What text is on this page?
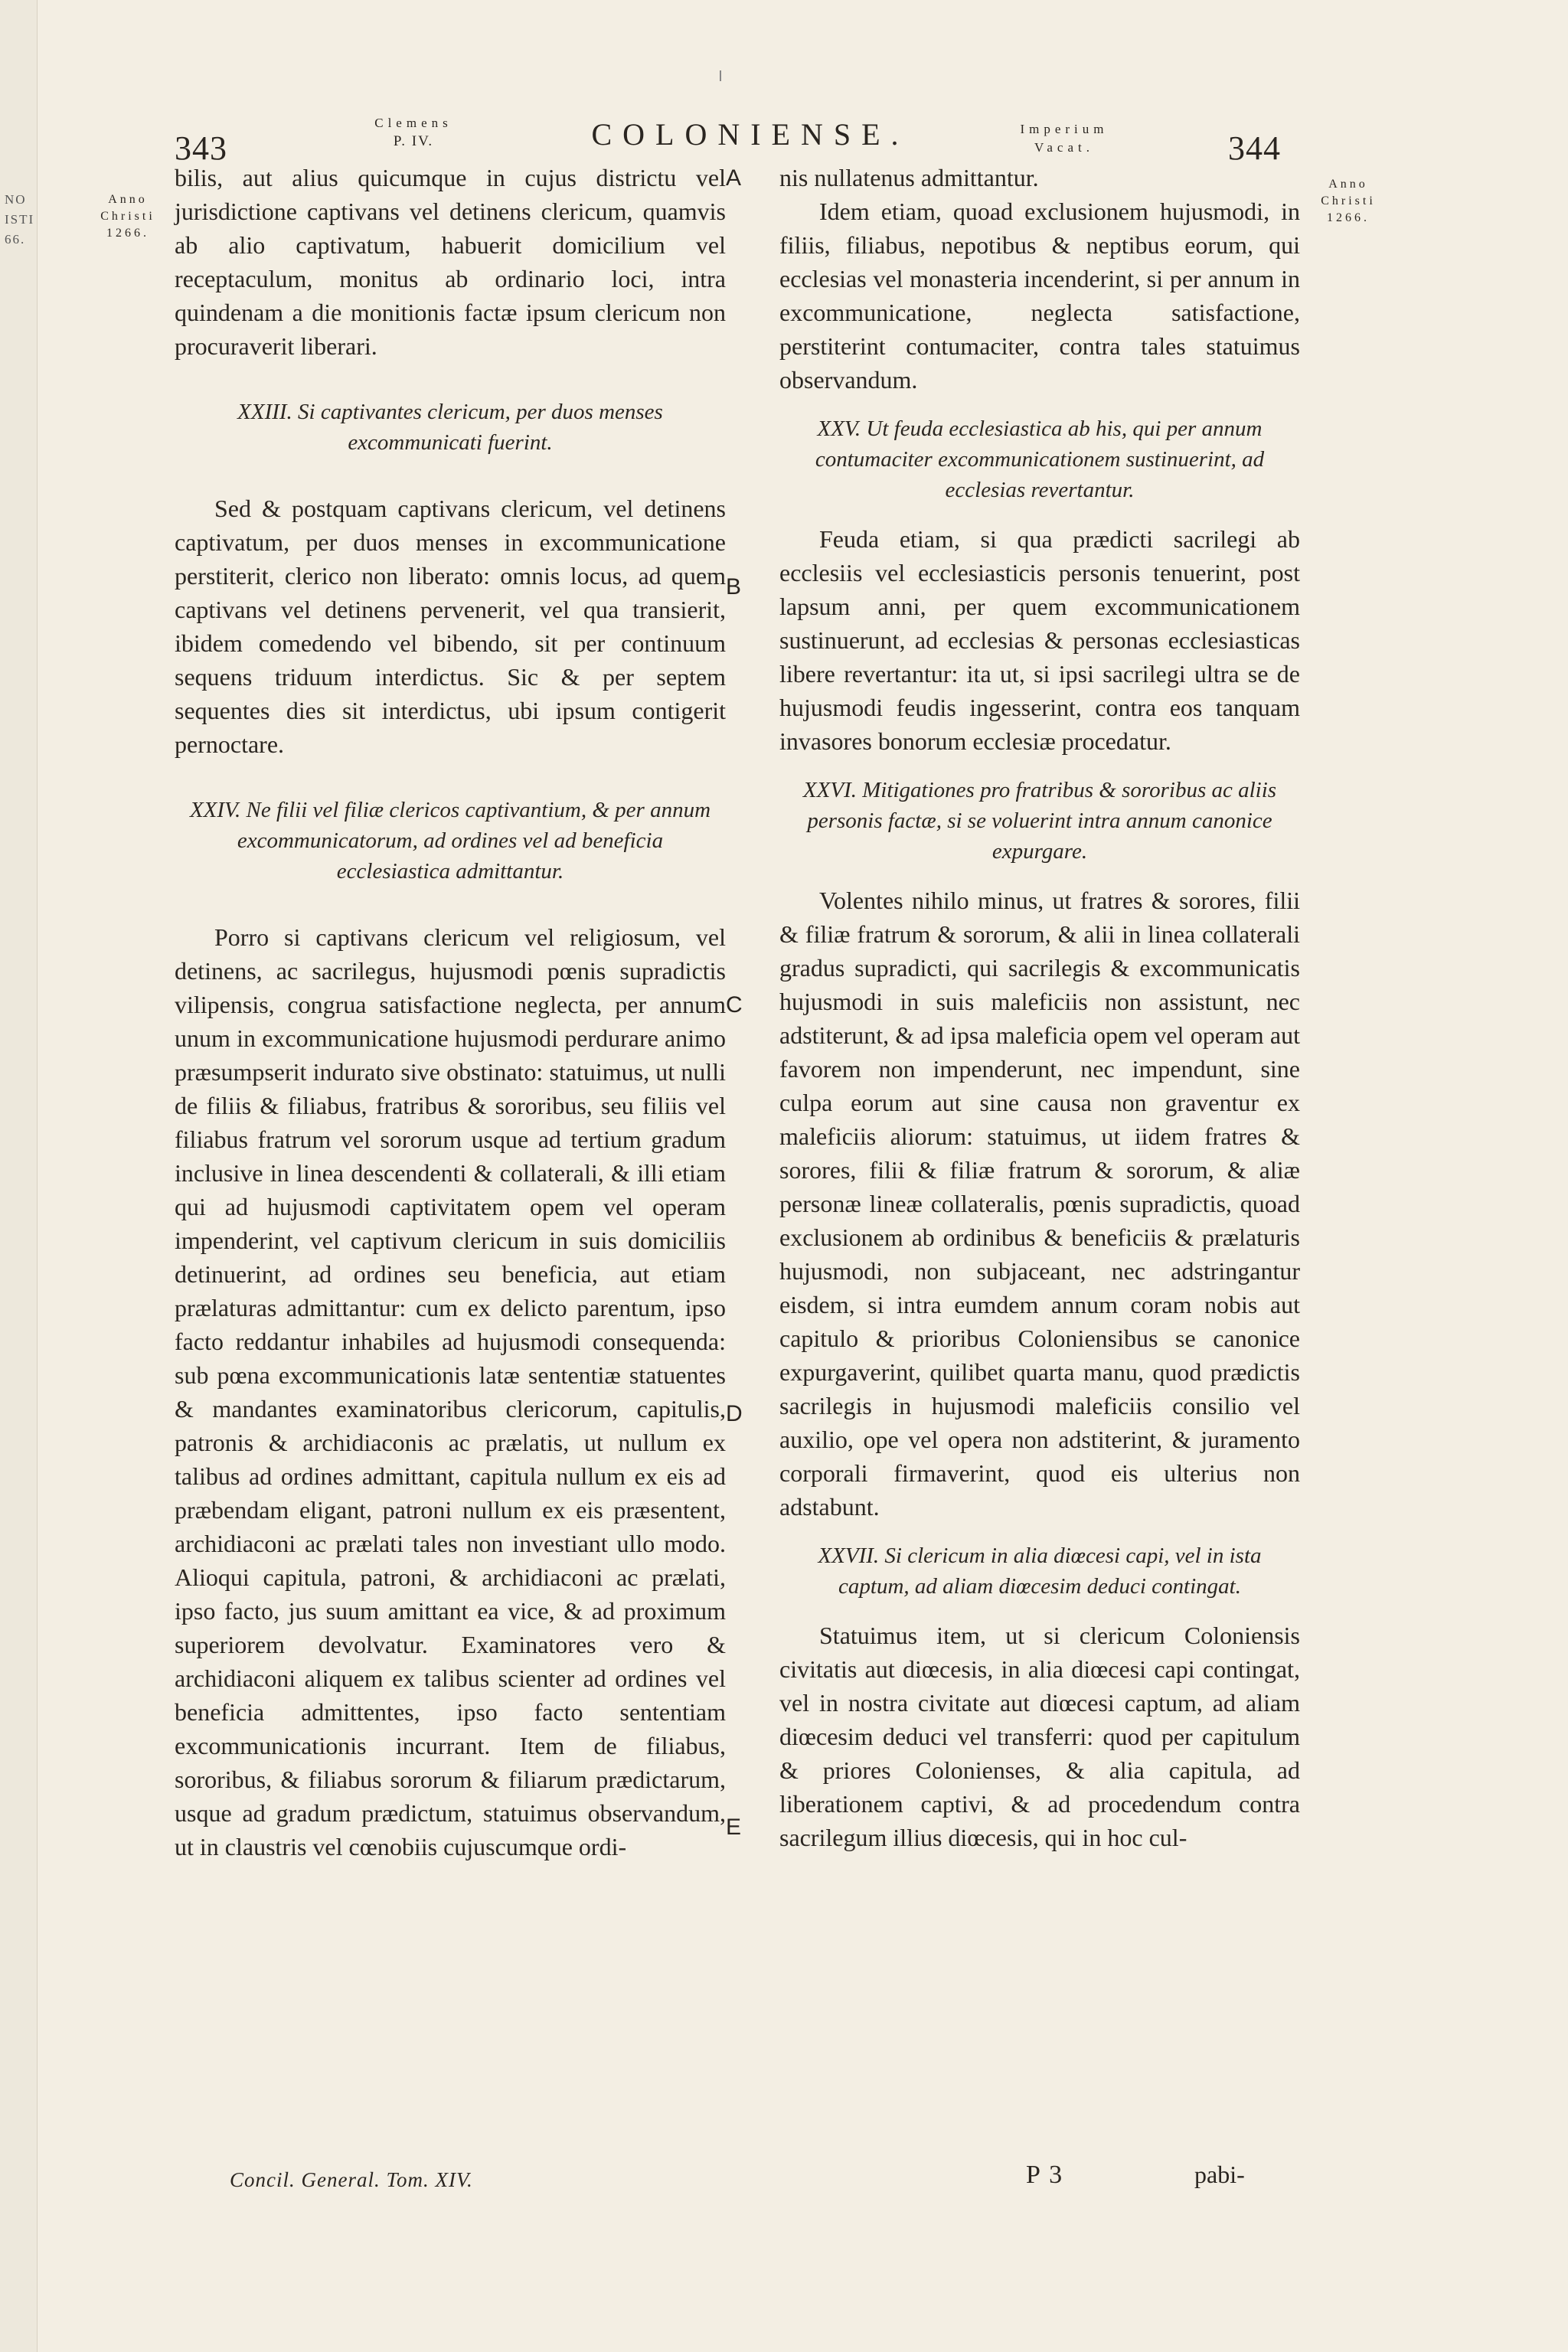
NO
ISTI
66.
343
Clemens
P. IV.	COLONIENSE.	Imperium
Vacat.	344
Anno
Christi
1266.
Anno
Christi
1266.
A
B
C
D
E

bilis, aut alius quicumque in cujus districtu vel jurisdictione captivans vel detinens clericum, quamvis ab alio captivatum, habuerit domicilium vel receptaculum, monitus ab ordinario loci, intra quindenam a die monitionis factæ ipsum clericum non procuraverit liberari.

XXIII. Si captivantes clericum, per duos menses excommunicati fuerint.

Sed & postquam captivans clericum, vel detinens captivatum, per duos menses in excommunicatione perstiterit, clerico non liberato: omnis locus, ad quem captivans vel detinens pervenerit, vel qua transierit, ibidem comedendo vel bibendo, sit per continuum sequens triduum interdictus. Sic & per septem sequentes dies sit interdictus, ubi ipsum contigerit pernoctare.

XXIV. Ne filii vel filiæ clericos captivantium, & per annum excommunicatorum, ad ordines vel ad beneficia ecclesiastica admittantur.

Porro si captivans clericum vel religiosum, vel detinens, ac sacrilegus, hujusmodi pœnis supradictis vilipensis, congrua satisfactione neglecta, per annum unum in excommunicatione hujusmodi perdurare animo præsumpserit indurato sive obstinato: statuimus, ut nulli de filiis & filiabus, fratribus & sororibus, seu filiis vel filiabus fratrum vel sororum usque ad tertium gradum inclusive in linea descendenti & collaterali, & illi etiam qui ad hujusmodi captivitatem opem vel operam impenderint, vel captivum clericum in suis domiciliis detinuerint, ad ordines seu beneficia, aut etiam prælaturas admittantur: cum ex delicto parentum, ipso facto reddantur inhabiles ad hujusmodi consequenda: sub pœna excommunicationis latæ sententiæ statuentes & mandantes examinatoribus clericorum, capitulis, patronis & archidiaconis ac prælatis, ut nullum ex talibus ad ordines admittant, capitula nullum ex eis ad præbendam eligant, patroni nullum ex eis præsentent, archidiaconi ac prælati tales non investiant ullo modo. Alioqui capitula, patroni, & archidiaconi ac prælati, ipso facto, jus suum amittant ea vice, & ad proximum superiorem devolvatur. Examinatores vero & archidiaconi aliquem ex talibus scienter ad ordines vel beneficia admittentes, ipso facto sententiam excommunicationis incurrant. Item de filiabus, sororibus, & filiabus sororum & filiarum prædictarum, usque ad gradum prædictum, statuimus observandum, ut in claustris vel cœnobiis cujuscumque ordi-

nis nullatenus admittantur.

Idem etiam, quoad exclusionem hujusmodi, in filiis, filiabus, nepotibus & neptibus eorum, qui ecclesias vel monasteria incenderint, si per annum in excommunicatione, neglecta satisfactione, perstiterint contumaciter, contra tales statuimus observandum.

XXV. Ut feuda ecclesiastica ab his, qui per annum contumaciter excommunicationem sustinuerint, ad ecclesias revertantur.

Feuda etiam, si qua prædicti sacrilegi ab ecclesiis vel ecclesiasticis personis tenuerint, post lapsum anni, per quem excommunicationem sustinuerunt, ad ecclesias & personas ecclesiasticas libere revertantur: ita ut, si ipsi sacrilegi ultra se de hujusmodi feudis ingesserint, contra eos tanquam invasores bonorum ecclesiæ procedatur.

XXVI. Mitigationes pro fratribus & sororibus ac aliis personis factæ, si se voluerint intra annum canonice expurgare.

Volentes nihilo minus, ut fratres & sorores, filii & filiæ fratrum & sororum, & alii in linea collaterali gradus supradicti, qui sacrilegis & excommunicatis hujusmodi in suis maleficiis non assistunt, nec adstiterunt, & ad ipsa maleficia opem vel operam aut favorem non impenderunt, nec impendunt, sine culpa eorum aut sine causa non graventur ex maleficiis aliorum: statuimus, ut iidem fratres & sorores, filii & filiæ fratrum & sororum, & aliæ personæ lineæ collateralis, pœnis supradictis, quoad exclusionem ab ordinibus & beneficiis & prælaturis hujusmodi, non subjaceant, nec adstringantur eisdem, si intra eumdem annum coram nobis aut capitulo & prioribus Coloniensibus se canonice expurgaverint, quilibet quarta manu, quod prædictis sacrilegis in hujusmodi maleficiis consilio vel auxilio, ope vel opera non adstiterint, & juramento corporali firmaverint, quod eis ulterius non adstabunt.

XXVII. Si clericum in alia diœcesi capi, vel in ista captum, ad aliam diœcesim deduci contingat.

Statuimus item, ut si clericum Coloniensis civitatis aut diœcesis, in alia diœcesi capi contingat, vel in nostra civitate aut diœcesi captum, ad aliam diœcesim deduci vel transferri: quod per capitulum & priores Colonienses, & alia capitula, ad liberationem captivi, & ad procedendum contra sacrilegum illius diœcesis, qui in hoc cul-

Concil. General. Tom. XIV.	P 3	pabi-
